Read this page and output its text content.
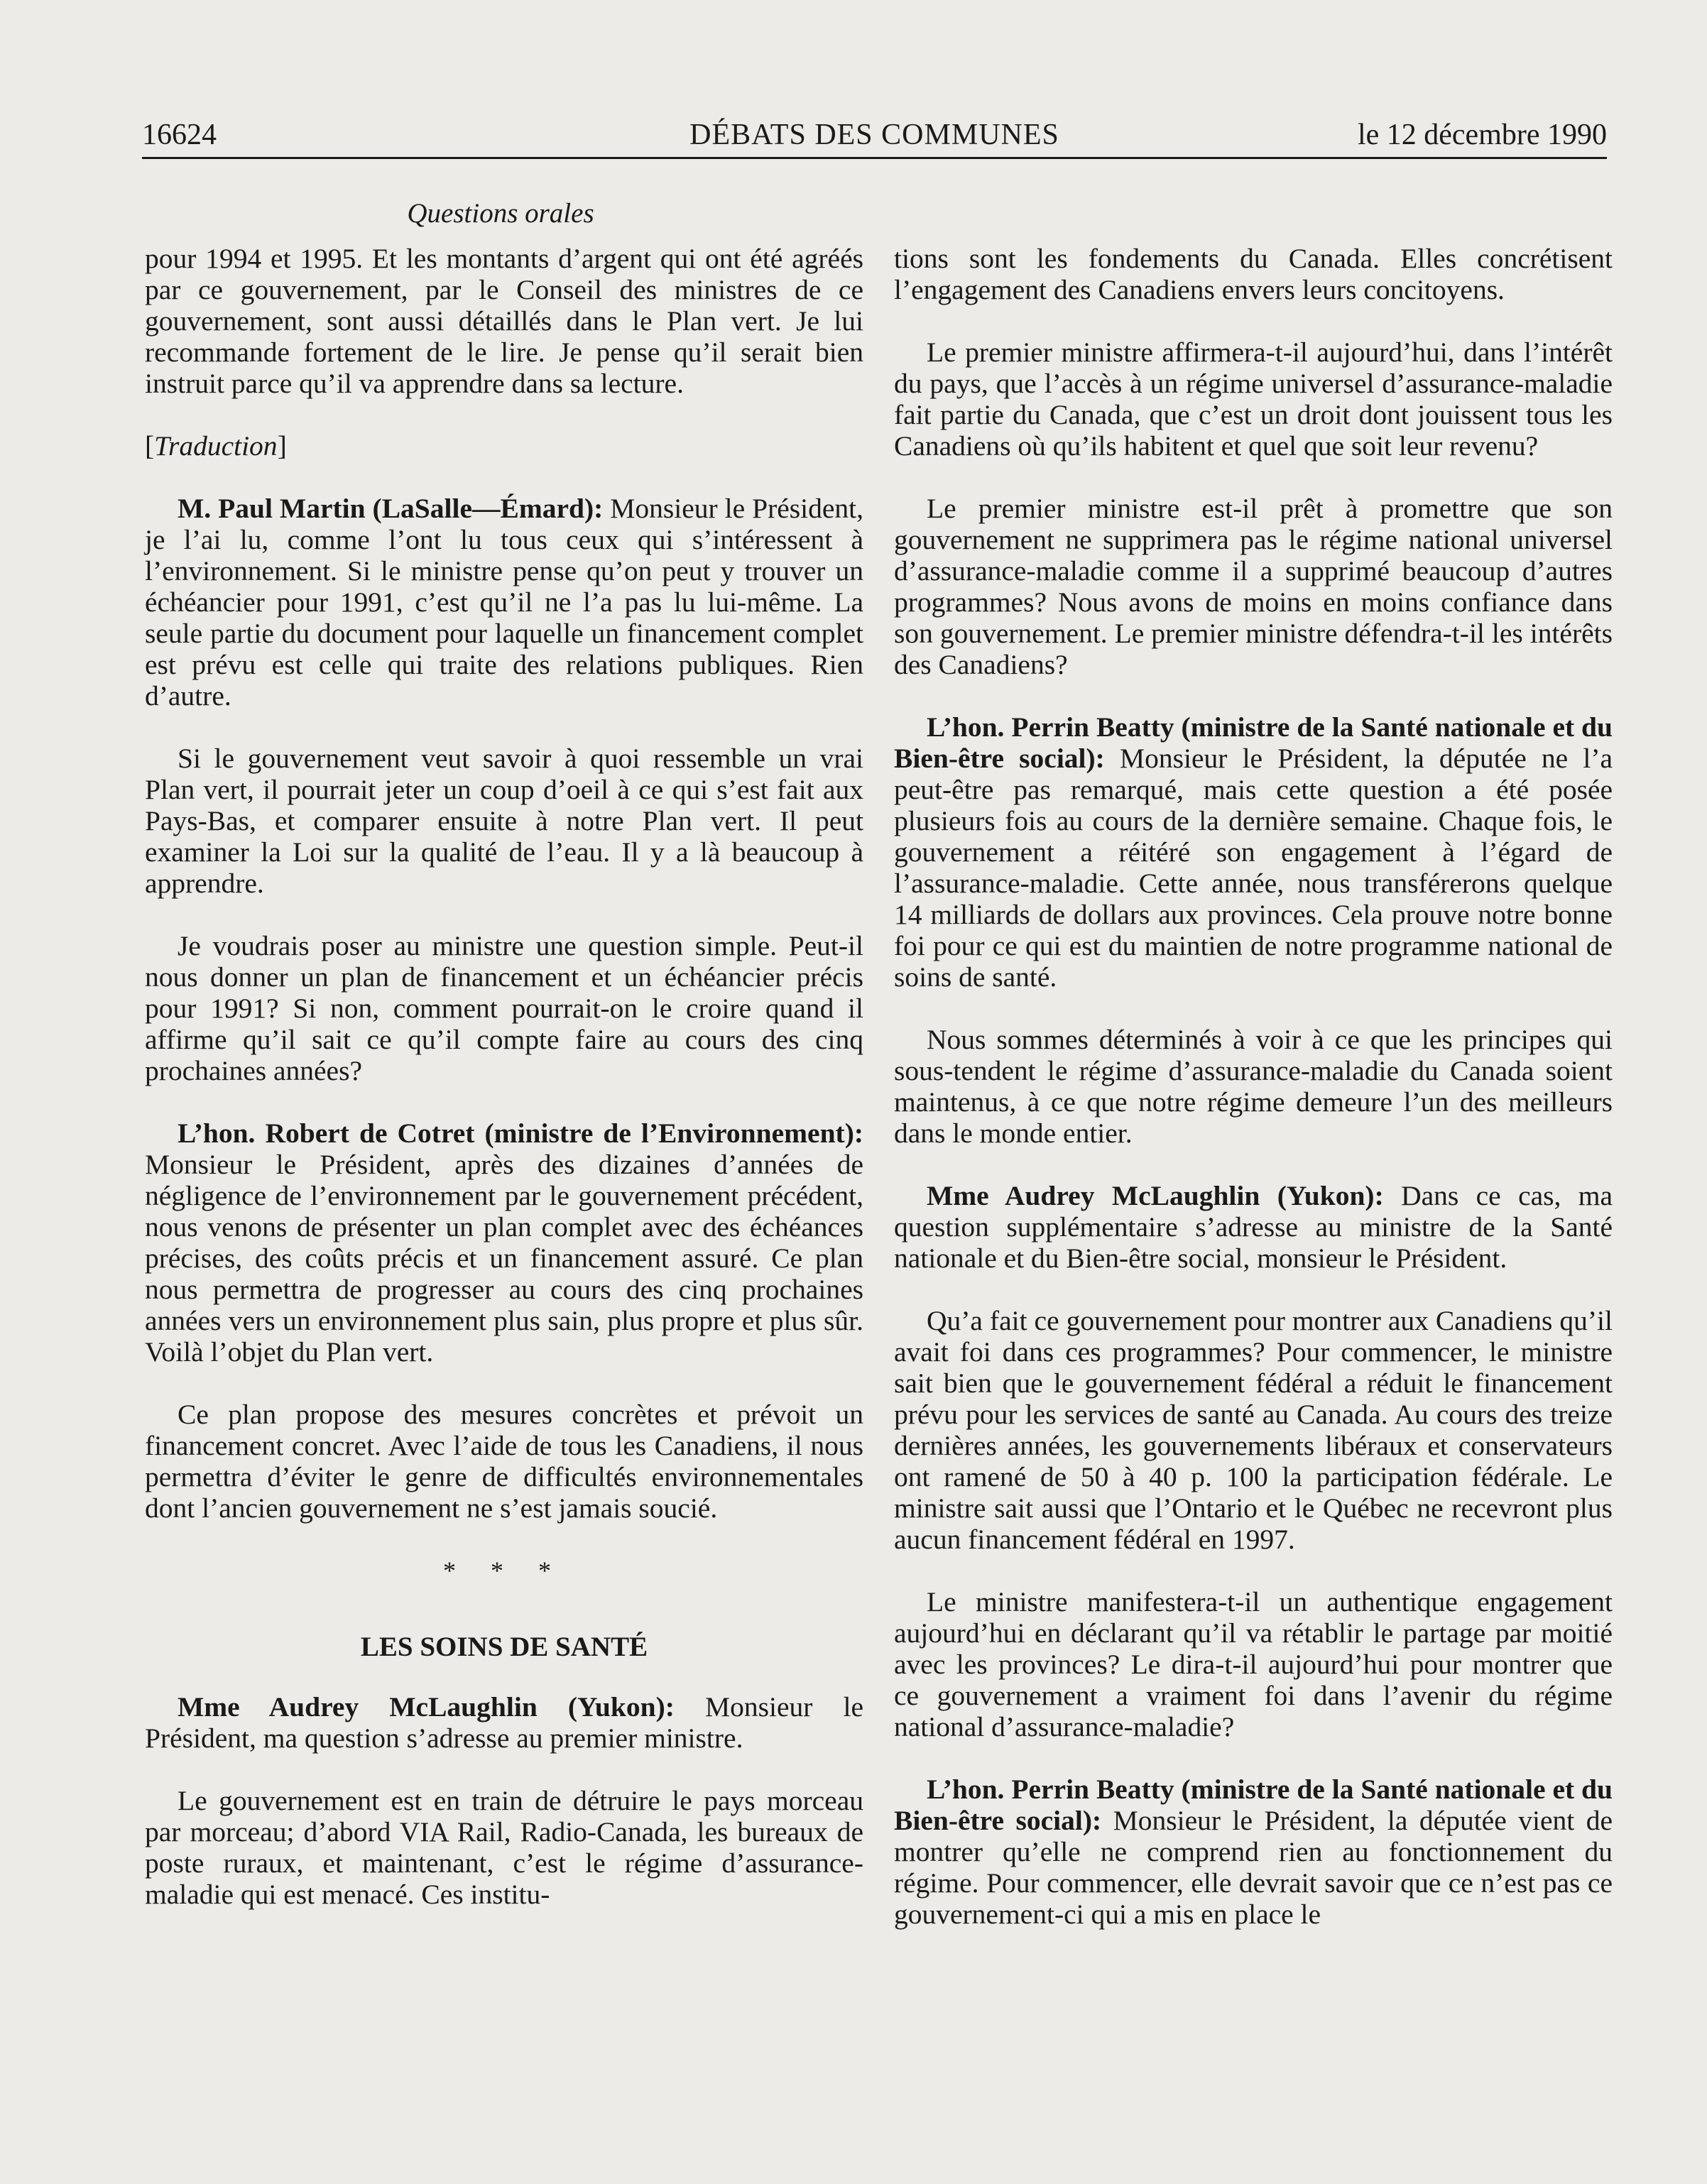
16624	DÉBATS DES COMMUNES	le 12 décembre 1990
Questions orales

pour 1994 et 1995. Et les montants d’argent qui ont été agréés par ce gouvernement, par le Conseil des ministres de ce gouvernement, sont aussi détaillés dans le Plan vert. Je lui recommande fortement de le lire. Je pense qu’il serait bien instruit parce qu’il va apprendre dans sa lecture.

[Traduction]

M. Paul Martin (LaSalle—Émard): Monsieur le Président, je l’ai lu, comme l’ont lu tous ceux qui s’intéressent à l’environnement. Si le ministre pense qu’on peut y trouver un échéancier pour 1991, c’est qu’il ne l’a pas lu lui-même. La seule partie du document pour laquelle un financement complet est prévu est celle qui traite des relations publiques. Rien d’autre.

Si le gouvernement veut savoir à quoi ressemble un vrai Plan vert, il pourrait jeter un coup d’oeil à ce qui s’est fait aux Pays-Bas, et comparer ensuite à notre Plan vert. Il peut examiner la Loi sur la qualité de l’eau. Il y a là beaucoup à apprendre.

Je voudrais poser au ministre une question simple. Peut-il nous donner un plan de financement et un échéancier précis pour 1991? Si non, comment pourrait-on le croire quand il affirme qu’il sait ce qu’il compte faire au cours des cinq prochaines années?

L’hon. Robert de Cotret (ministre de l’Environnement): Monsieur le Président, après des dizaines d’années de négligence de l’environnement par le gouvernement précédent, nous venons de présenter un plan complet avec des échéances précises, des coûts précis et un financement assuré. Ce plan nous permettra de progresser au cours des cinq prochaines années vers un environnement plus sain, plus propre et plus sûr. Voilà l’objet du Plan vert.

Ce plan propose des mesures concrètes et prévoit un financement concret. Avec l’aide de tous les Canadiens, il nous permettra d’éviter le genre de difficultés environnementales dont l’ancien gouvernement ne s’est jamais soucié.

* * *
LES SOINS DE SANTÉ

Mme Audrey McLaughlin (Yukon): Monsieur le Président, ma question s’adresse au premier ministre.

Le gouvernement est en train de détruire le pays morceau par morceau; d’abord VIA Rail, Radio-Canada, les bureaux de poste ruraux, et maintenant, c’est le régime d’assurance-maladie qui est menacé. Ces institu-

tions sont les fondements du Canada. Elles concrétisent l’engagement des Canadiens envers leurs concitoyens.

Le premier ministre affirmera-t-il aujourd’hui, dans l’intérêt du pays, que l’accès à un régime universel d’assurance-maladie fait partie du Canada, que c’est un droit dont jouissent tous les Canadiens où qu’ils habitent et quel que soit leur revenu?

Le premier ministre est-il prêt à promettre que son gouvernement ne supprimera pas le régime national universel d’assurance-maladie comme il a supprimé beaucoup d’autres programmes? Nous avons de moins en moins confiance dans son gouvernement. Le premier ministre défendra-t-il les intérêts des Canadiens?

L’hon. Perrin Beatty (ministre de la Santé nationale et du Bien-être social): Monsieur le Président, la députée ne l’a peut-être pas remarqué, mais cette question a été posée plusieurs fois au cours de la dernière semaine. Chaque fois, le gouvernement a réitéré son engagement à l’égard de l’assurance-maladie. Cette année, nous transférerons quelque 14 milliards de dollars aux provinces. Cela prouve notre bonne foi pour ce qui est du maintien de notre programme national de soins de santé.

Nous sommes déterminés à voir à ce que les principes qui sous-tendent le régime d’assurance-maladie du Canada soient maintenus, à ce que notre régime demeure l’un des meilleurs dans le monde entier.

Mme Audrey McLaughlin (Yukon): Dans ce cas, ma question supplémentaire s’adresse au ministre de la Santé nationale et du Bien-être social, monsieur le Président.

Qu’a fait ce gouvernement pour montrer aux Canadiens qu’il avait foi dans ces programmes? Pour commencer, le ministre sait bien que le gouvernement fédéral a réduit le financement prévu pour les services de santé au Canada. Au cours des treize dernières années, les gouvernements libéraux et conservateurs ont ramené de 50 à 40 p. 100 la participation fédérale. Le ministre sait aussi que l’Ontario et le Québec ne recevront plus aucun financement fédéral en 1997.

Le ministre manifestera-t-il un authentique engagement aujourd’hui en déclarant qu’il va rétablir le partage par moitié avec les provinces? Le dira-t-il aujourd’hui pour montrer que ce gouvernement a vraiment foi dans l’avenir du régime national d’assurance-maladie?

L’hon. Perrin Beatty (ministre de la Santé nationale et du Bien-être social): Monsieur le Président, la députée vient de montrer qu’elle ne comprend rien au fonctionnement du régime. Pour commencer, elle devrait savoir que ce n’est pas ce gouvernement-ci qui a mis en place le
